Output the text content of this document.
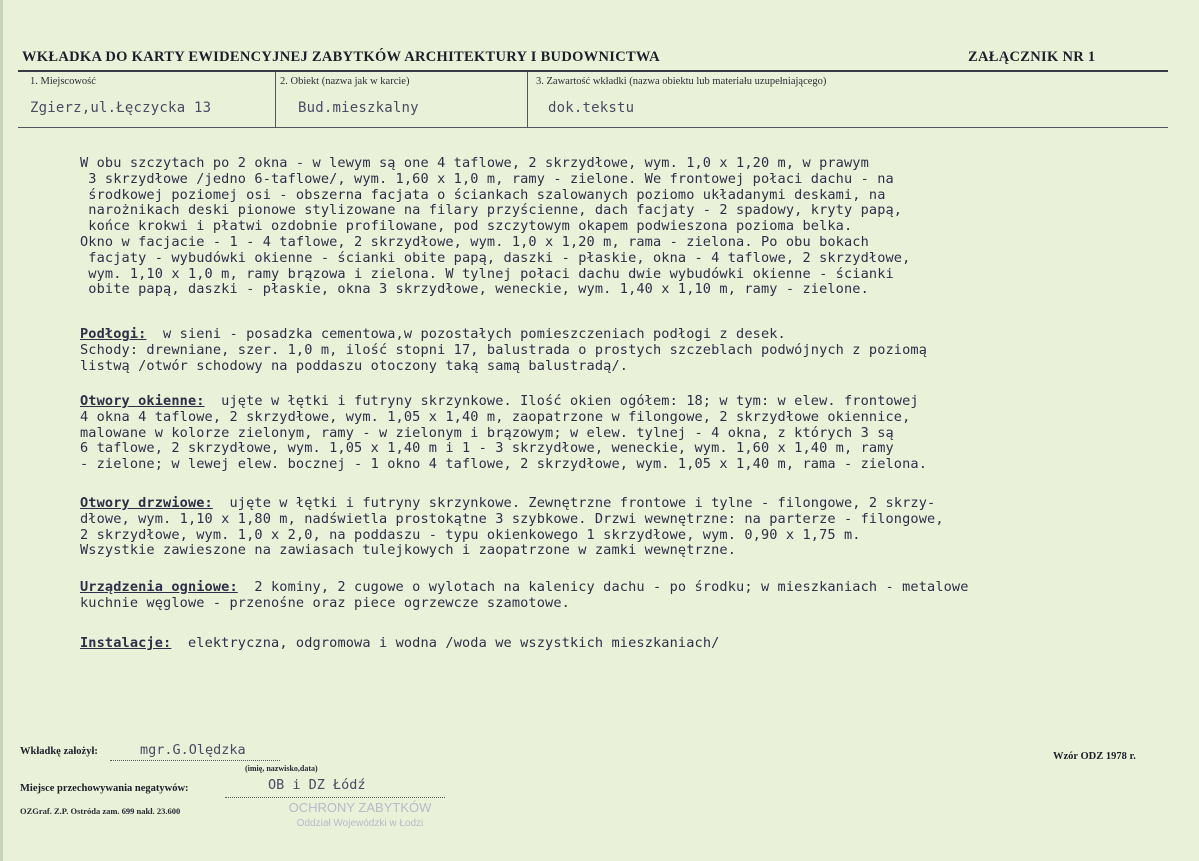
WKŁADKA DO KARTY EWIDENCYJNEJ ZABYTKÓW ARCHITEKTURY I BUDOWNICTWA	ZAŁĄCZNIK NR 1
1. Miejscowość
Zgierz,ul.Łęczycka 13
2. Obiekt (nazwa jak w karcie)
Bud.mieszkalny
3. Zawartość wkładki (nazwa obiektu lub materiału uzupełniającego)
dok.tekstu
W obu szczytach po 2 okna - w lewym są one 4 taflowe, 2 skrzydłowe, wym. 1,0 x 1,20 m, w prawym
3 skrzydłowe /jedno 6-taflowe/, wym. 1,60 x 1,0 m, ramy - zielone. We frontowej połaci dachu - na
środkowej poziomej osi - obszerna facjata o ściankach szalowanych poziomo układanymi deskami, na
narożnikach deski pionowe stylizowane na filary przyścienne, dach facjaty - 2 spadowy, kryty papą,
końce krokwi i płatwi ozdobnie profilowane, pod szczytowym okapem podwieszona pozioma belka.
Okno w facjacie - 1 - 4 taflowe, 2 skrzydłowe, wym. 1,0 x 1,20 m, rama - zielona. Po obu bokach
facjaty - wybudówki okienne - ścianki obite papą, daszki - płaskie, okna - 4 taflowe, 2 skrzydłowe,
wym. 1,10 x 1,0 m, ramy brązowa i zielona. W tylnej połaci dachu dwie wybudówki okienne - ścianki
obite papą, daszki - płaskie, okna 3 skrzydłowe, weneckie, wym. 1,40 x 1,10 m, ramy - zielone.
Podłogi:  w sieni - posadzka cementowa,w pozostałych pomieszczeniach podłogi z desek.
Schody: drewniane, szer. 1,0 m, ilość stopni 17, balustrada o prostych szczeblach podwójnych z poziomą
listwą /otwór schodowy na poddaszu otoczony taką samą balustradą/.
Otwory okienne:  ujęte w łętki i futryny skrzynkowe. Ilość okien ogółem: 18; w tym: w elew. frontowej
4 okna 4 taflowe, 2 skrzydłowe, wym. 1,05 x 1,40 m, zaopatrzone w filongowe, 2 skrzydłowe okiennice,
malowane w kolorze zielonym, ramy - w zielonym i brązowym; w elew. tylnej - 4 okna, z których 3 są
6 taflowe, 2 skrzydłowe, wym. 1,05 x 1,40 m i 1 - 3 skrzydłowe, weneckie, wym. 1,60 x 1,40 m, ramy
- zielone; w lewej elew. bocznej - 1 okno 4 taflowe, 2 skrzydłowe, wym. 1,05 x 1,40 m, rama - zielona.
Otwory drzwiowe:  ujęte w łętki i futryny skrzynkowe. Zewnętrzne frontowe i tylne - filongowe, 2 skrzy-
dłowe, wym. 1,10 x 1,80 m, nadświetla prostokątne 3 szybkowe. Drzwi wewnętrzne: na parterze - filongowe,
2 skrzydłowe, wym. 1,0 x 2,0, na poddaszu - typu okienkowego 1 skrzydłowe, wym. 0,90 x 1,75 m.
Wszystkie zawieszone na zawiasach tulejkowych i zaopatrzone w zamki wewnętrzne.
Urządzenia ogniowe:  2 kominy, 2 cugowe o wylotach na kalenicy dachu - po środku; w mieszkaniach - metalowe
kuchnie węglowe - przenośne oraz piece ogrzewcze szamotowe.
Instalacje:  elektryczna, odgromowa i wodna /woda we wszystkich mieszkaniach/
Wkładkę założył:	mgr.G.Olędzka
(imię, nazwisko,data)
OCHRONY ZABYTKÓW
Oddział Wojewódzki w Łodzi
Miejsce przechowywania negatywów:	OB i DZ Łódź
OZGraf. Z.P. Ostróda zam. 699 nakł. 23.600
Wzór ODZ 1978 r.
